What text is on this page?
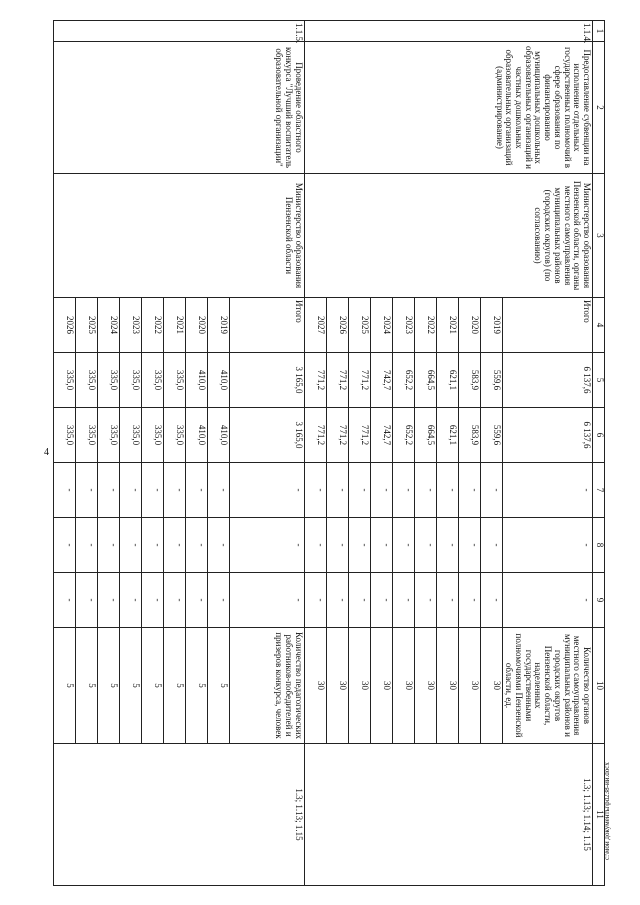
4
c:\мои документы\pd238-ии.docx
1	2	3	4	5	6	7	8	9	10	11
1.1.4.	Предоставление субвенции на исполнение отдельных государственных полномочий в сфере образования по финансированию муниципальных дошкольных образовательных организаций и частных дошкольных образовательных организаций (администрирование)	Министерство образования Пензенской области, органы местного самоуправления муниципальных районов (городских округов) (по согласованию)	Итого	6 137,6	6 137,6	-	-	-	Количество органов местного самоуправления муниципальных районов и городских округов Пензенской области, наделенных государственными полномочиями Пензенской области, ед.	1.3; 1.13; 1.14; 1.15
			2019	559,6	559,6	-	-	-	30	
			2020	583,9	583,9	-	-	-	30	
			2021	621,1	621,1	-	-	-	30	
			2022	664,5	664,5	-	-	-	30	
			2023	652,2	652,2	-	-	-	30	
			2024	742,7	742,7	-	-	-	30	
			2025	771,2	771,2	-	-	-	30	
			2026	771,2	771,2	-	-	-	30	
			2027	771,2	771,2	-	-	-	30	
1.1.5.	Проведение областного конкурса "Лучший воспитатель образовательной организации"	Министерство образования Пензенской области	Итого	3 165,0	3 165,0	-	-	-	Количество педагогических работников-победителей и призеров конкурса, человек	1.3; 1.13; 1.15
			2019	410,0	410,0	-	-	-	5	
			2020	410,0	410,0	-	-	-	5	
			2021	335,0	335,0	-	-	-	5	
			2022	335,0	335,0	-	-	-	5	
			2023	335,0	335,0	-	-	-	5	
			2024	335,0	335,0	-	-	-	5	
			2025	335,0	335,0	-	-	-	5	
			2026	335,0	335,0	-	-	-	5	
